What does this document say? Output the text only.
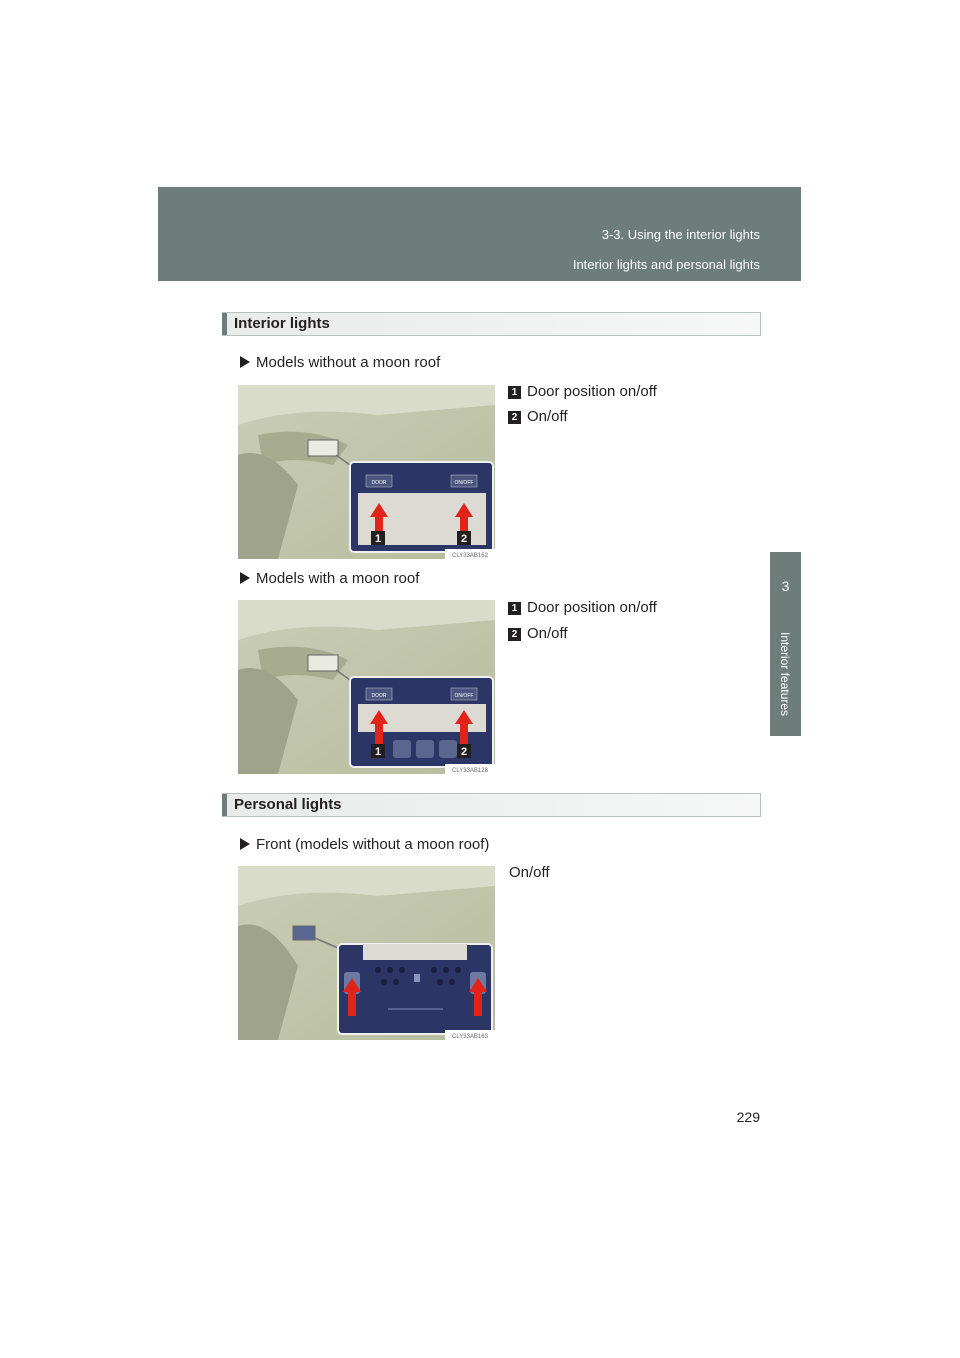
3-3. Using the interior lights
Interior lights and personal lights
3
Interior features
Interior lights
Models without a moon roof
DOOR	ON/OFF
1	2
CLY33AB162
1 Door position on/off
2 On/off
Models with a moon roof
DOOR	ON/OFF
1	2
CLY33AB128
1 Door position on/off
2 On/off
Personal lights
Front (models without a moon roof)
On/off
CLY33AB163
229
